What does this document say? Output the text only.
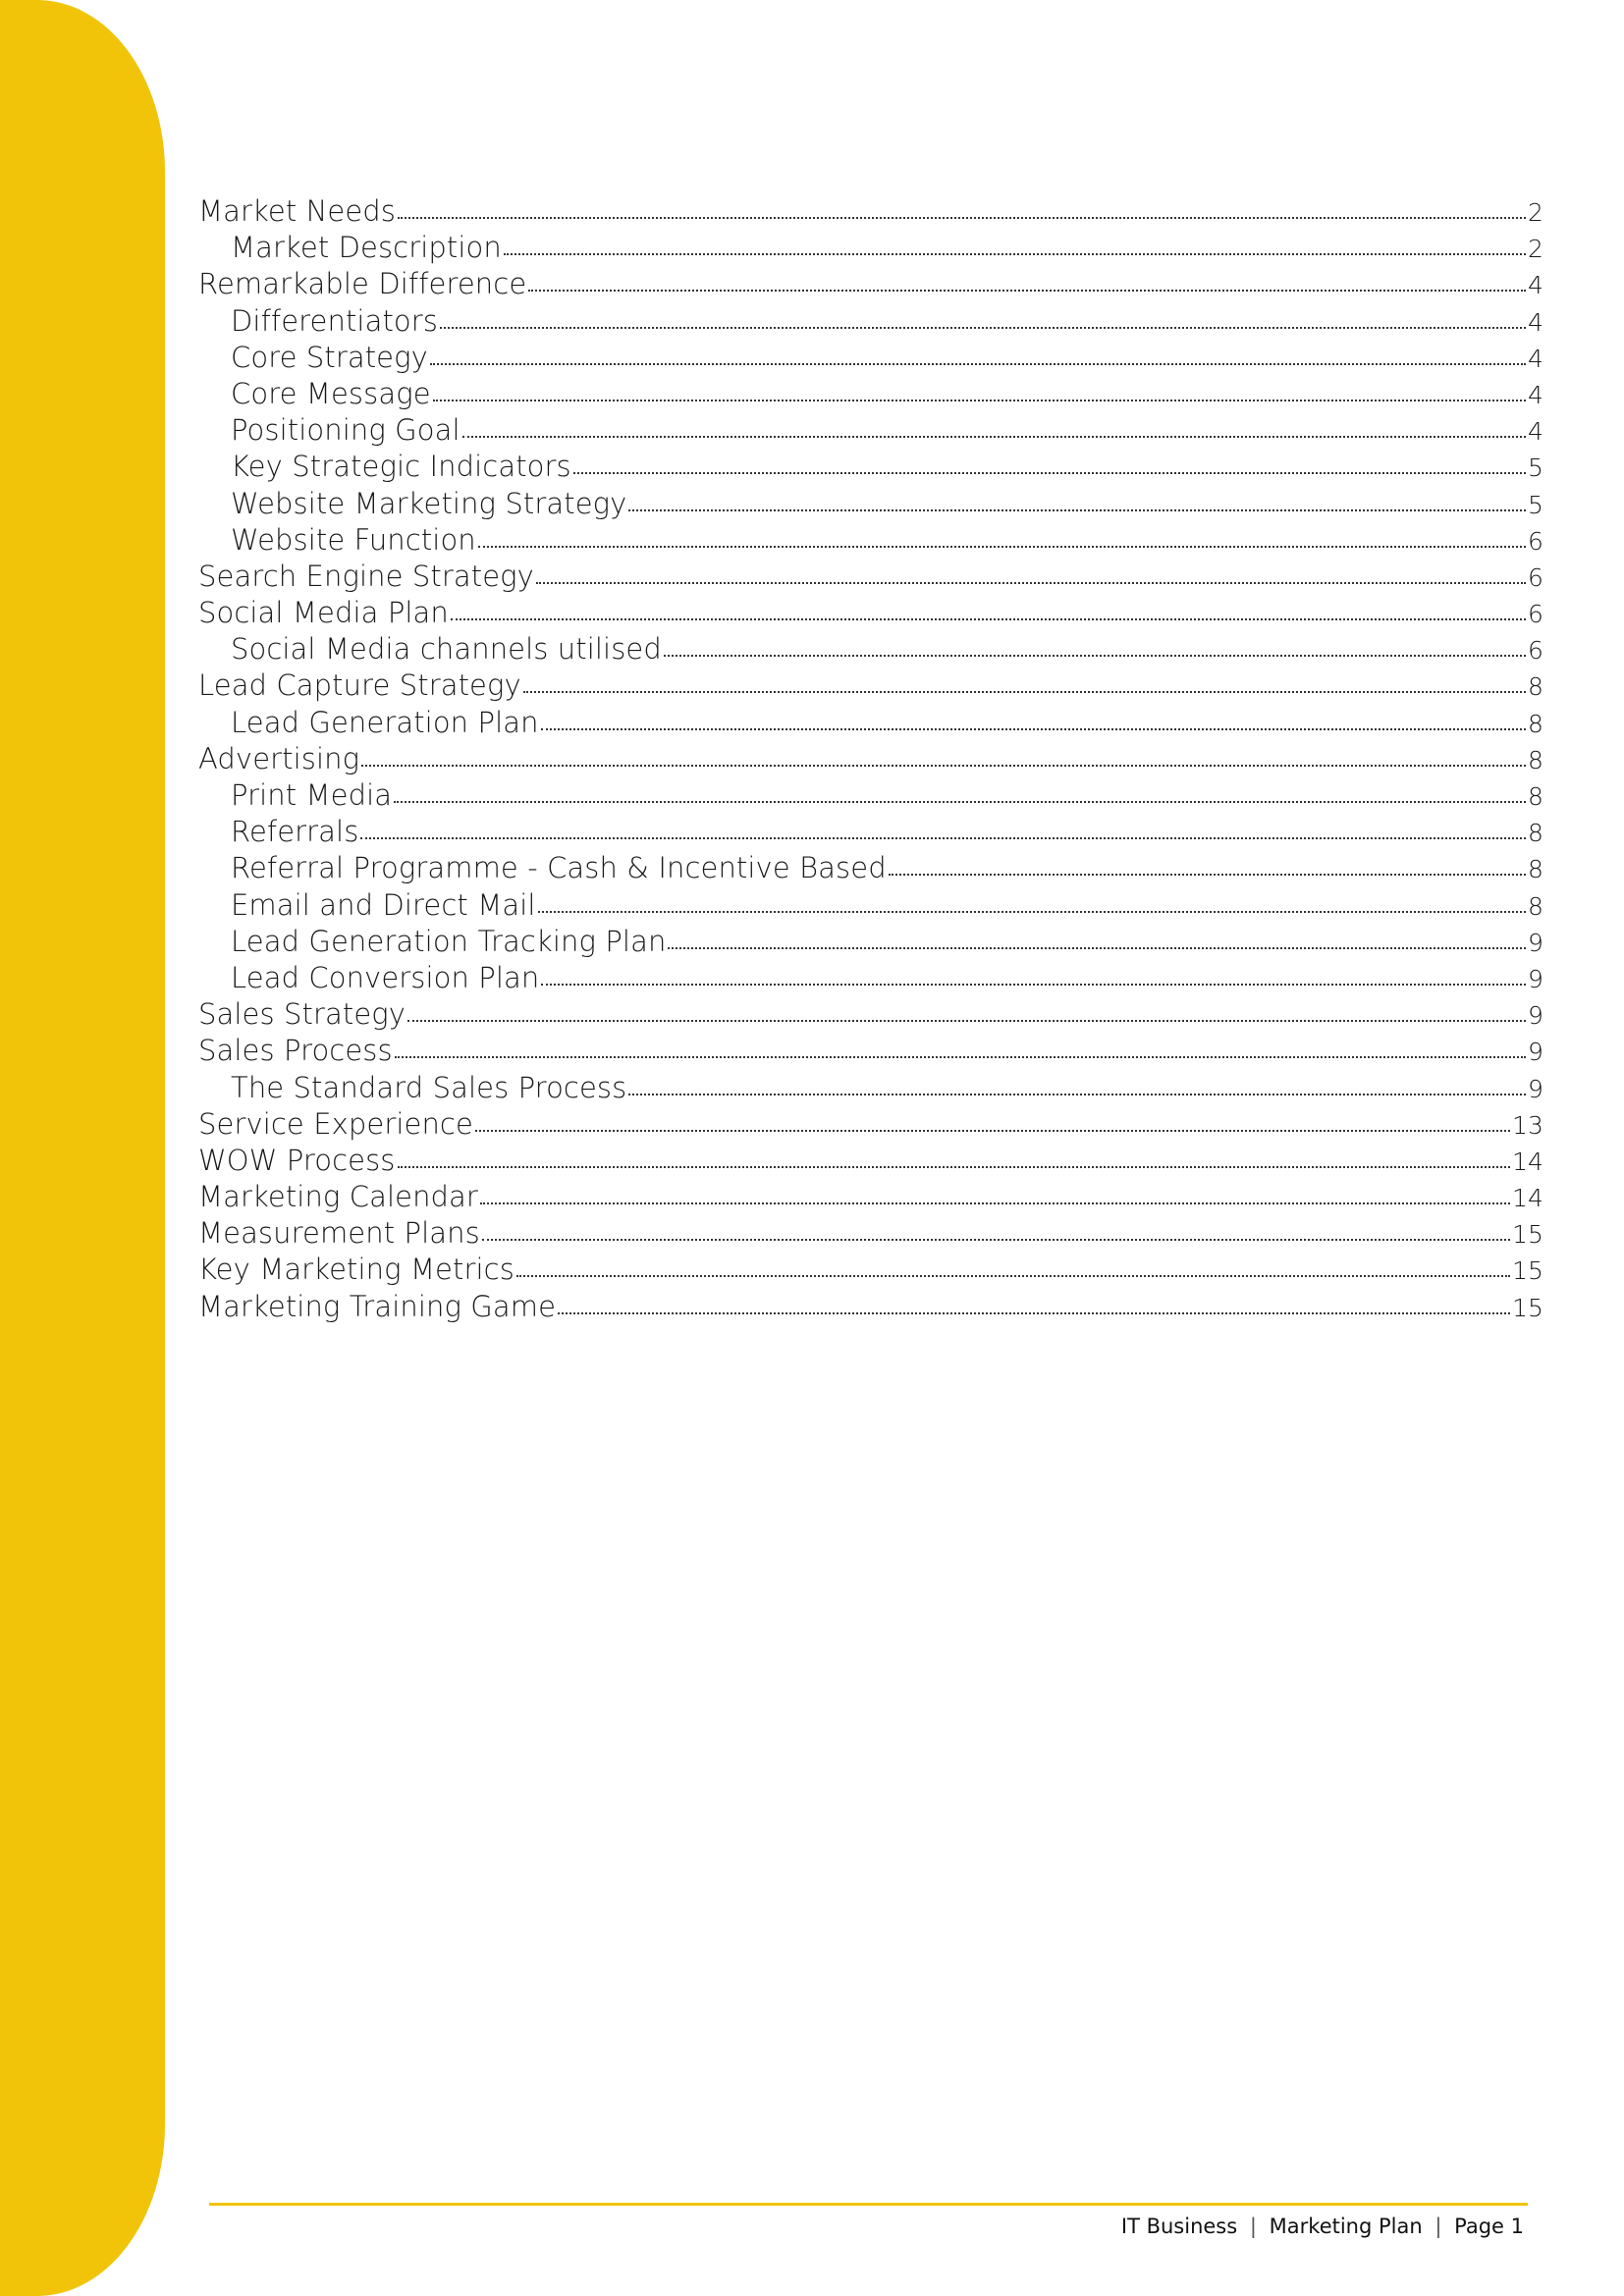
Market Needs	2
Market Description	2
Remarkable Difference	4
Differentiators	4
Core Strategy	4
Core Message	4
Positioning Goal	4
Key Strategic Indicators	5
Website Marketing Strategy	5
Website Function	6
Search Engine Strategy	6
Social Media Plan	6
Social Media channels utilised	6
Lead Capture Strategy	8
Lead Generation Plan	8
Advertising	8
Print Media	8
Referrals	8
Referral Programme - Cash & Incentive Based	8
Email and Direct Mail	8
Lead Generation Tracking Plan	9
Lead Conversion Plan	9
Sales Strategy	9
Sales Process	9
The Standard Sales Process	9
Service Experience	13
WOW Process	14
Marketing Calendar	14
Measurement Plans	15
Key Marketing Metrics	15
Marketing Training Game	15
IT Business | Marketing Plan | Page 1
